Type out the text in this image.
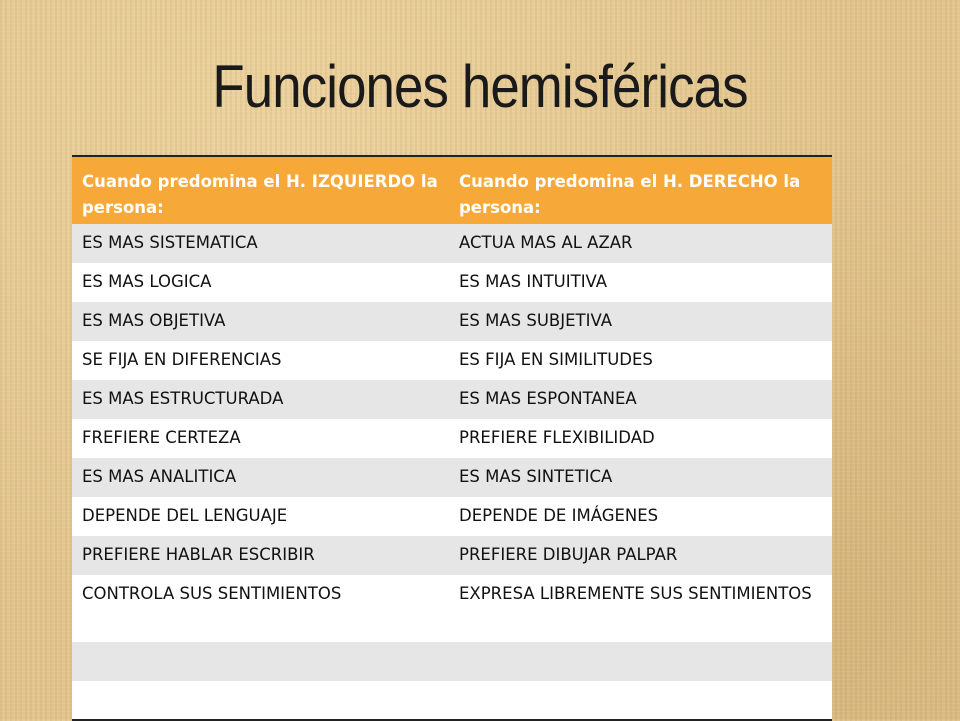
Funciones hemisféricas
Cuando predomina el H. IZQUIERDO la persona:	Cuando predomina el H. DERECHO la persona:
ES MAS SISTEMATICA	ACTUA MAS AL AZAR
ES MAS LOGICA	ES MAS INTUITIVA
ES MAS OBJETIVA	ES MAS SUBJETIVA
SE FIJA EN DIFERENCIAS	ES FIJA EN SIMILITUDES
ES MAS ESTRUCTURADA	ES MAS ESPONTANEA
FREFIERE CERTEZA	PREFIERE FLEXIBILIDAD
ES MAS ANALITICA	ES MAS SINTETICA
DEPENDE DEL LENGUAJE	DEPENDE DE IMÁGENES
PREFIERE HABLAR ESCRIBIR	PREFIERE DIBUJAR PALPAR
CONTROLA SUS SENTIMIENTOS	EXPRESA LIBREMENTE SUS SENTIMIENTOS
